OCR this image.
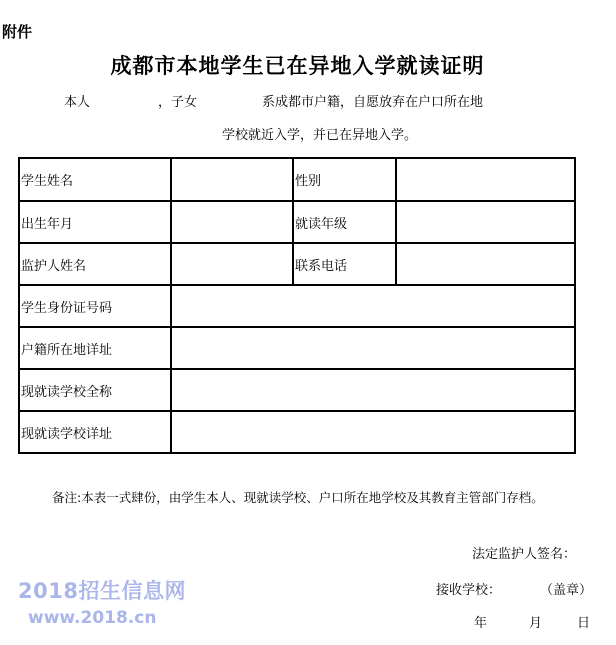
附件
成都市本地学生已在异地入学就读证明
本人	，子女	系成都市户籍，自愿放弃在户口所在地
学校就近入学，并已在异地入学。
学生姓名		性别	
出生年月		就读年级	
监护人姓名		联系电话	
学生身份证号码			
户籍所在地详址			
现就读学校全称			
现就读学校详址			
备注:本表一式肆份，由学生本人、现就读学校、户口所在地学校及其教育主管部门存档。
法定监护人签名：
接收学校：	（盖章）
年	月	日
2018招生信息网
www.2018.cn
